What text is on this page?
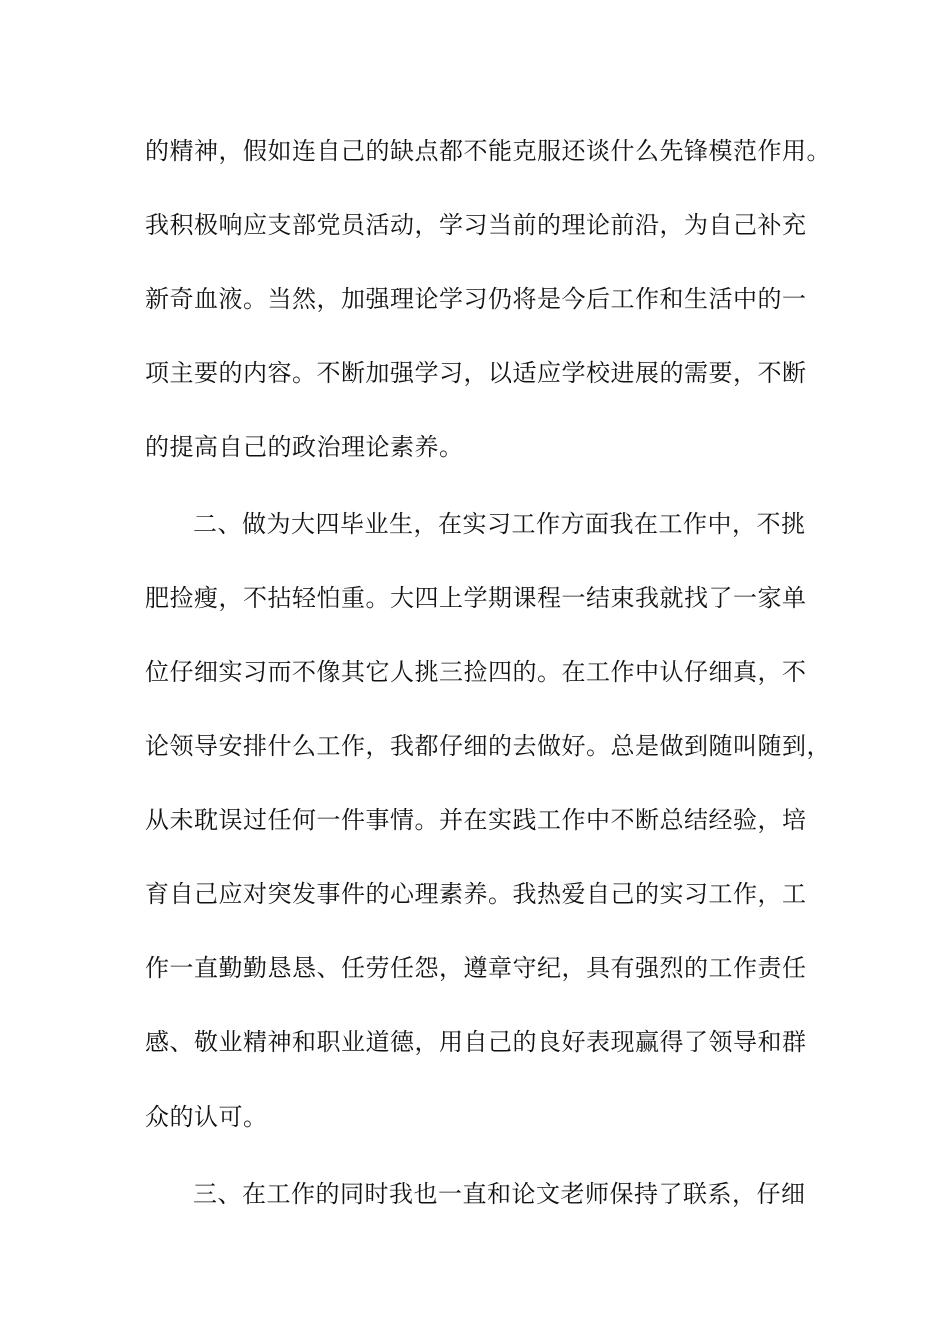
的精神，假如连自己的缺点都不能克服还谈什么先锋模范作用。
我积极响应支部党员活动，学习当前的理论前沿，为自己补充
新奇血液。当然，加强理论学习仍将是今后工作和生活中的一
项主要的内容。不断加强学习，以适应学校进展的需要，不断
的提高自己的政治理论素养。
二、做为大四毕业生，在实习工作方面我在工作中，不挑
肥捡瘦，不拈轻怕重。大四上学期课程一结束我就找了一家单
位仔细实习而不像其它人挑三捡四的。在工作中认仔细真，不
论领导安排什么工作，我都仔细的去做好。总是做到随叫随到，
从未耽误过任何一件事情。并在实践工作中不断总结经验，培
育自己应对突发事件的心理素养。我热爱自己的实习工作，工
作一直勤勤恳恳、任劳任怨，遵章守纪，具有强烈的工作责任
感、敬业精神和职业道德，用自己的良好表现赢得了领导和群
众的认可。
三、在工作的同时我也一直和论文老师保持了联系，仔细
